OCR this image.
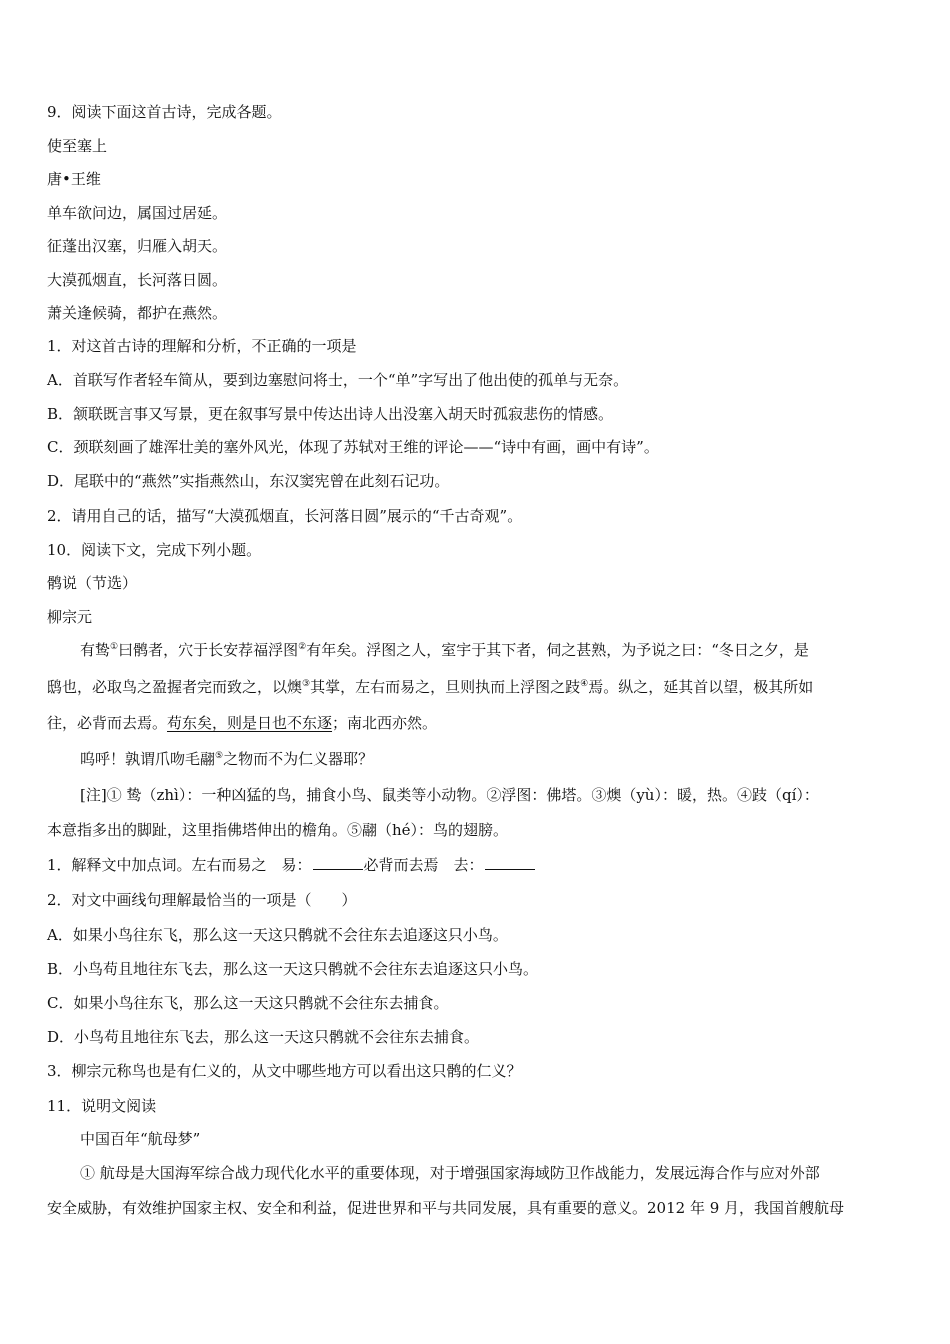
9．阅读下面这首古诗，完成各题。
使至塞上
唐•王维
单车欲问边，属国过居延。
征蓬出汉塞，归雁入胡天。
大漠孤烟直，长河落日圆。
萧关逢候骑，都护在燕然。
1．对这首古诗的理解和分析，不正确的一项是
A．首联写作者轻车简从，要到边塞慰问将士，一个“单”字写出了他出使的孤单与无奈。
B．颔联既言事又写景，更在叙事写景中传达出诗人出没塞入胡天时孤寂悲伤的情感。
C．颈联刻画了雄浑壮美的塞外风光，体现了苏轼对王维的评论——“诗中有画，画中有诗”。
D．尾联中的“燕然”实指燕然山，东汉窦宪曾在此刻石记功。
2．请用自己的话，描写“大漠孤烟直，长河落日圆”展示的“千古奇观”。
10．阅读下文，完成下列小题。
鹘说（节选）
柳宗元
有鸷①曰鹘者，穴于长安荐福浮图②有年矣。浮图之人，室宇于其下者，伺之甚熟，为予说之曰：“冬日之夕，是
鸱也，必取鸟之盈握者完而致之，以燠③其掌，左右而易之，旦则执而上浮图之跂④焉。纵之，延其首以望，极其所如
往，必背而去焉。苟东矣，则是日也不东逐；南北西亦然。
呜呼！孰谓爪吻毛翮⑤之物而不为仁义器耶？
[注]① 鸷（zhì）：一种凶猛的鸟，捕食小鸟、鼠类等小动物。②浮图：佛塔。③燠（yù）：暖，热。④跂（qí）：
本意指多出的脚趾，这里指佛塔伸出的檐角。⑤翮（hé）：鸟的翅膀。
1．解释文中加点词。左右而易之　易：	必背而去焉　去：
2．对文中画线句理解最恰当的一项是（　　）
A．如果小鸟往东飞，那么这一天这只鹘就不会往东去追逐这只小鸟。
B．小鸟苟且地往东飞去，那么这一天这只鹘就不会往东去追逐这只小鸟。
C．如果小鸟往东飞，那么这一天这只鹘就不会往东去捕食。
D．小鸟苟且地往东飞去，那么这一天这只鹘就不会往东去捕食。
3．柳宗元称鸟也是有仁义的，从文中哪些地方可以看出这只鹘的仁义？
11．说明文阅读
中国百年“航母梦”
① 航母是大国海军综合战力现代化水平的重要体现，对于增强国家海域防卫作战能力，发展远海合作与应对外部
安全威胁，有效维护国家主权、安全和利益，促进世界和平与共同发展，具有重要的意义。2012 年 9 月，我国首艘航母
